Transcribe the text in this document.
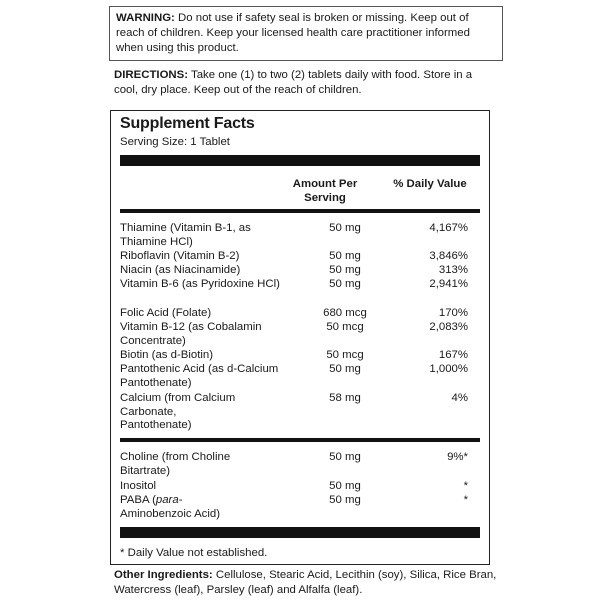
WARNING: Do not use if safety seal is broken or missing. Keep out of reach of children. Keep your licensed health care practitioner informed when using this product.
DIRECTIONS: Take one (1) to two (2) tablets daily with food. Store in a cool, dry place. Keep out of the reach of children.
Supplement Facts
Serving Size: 1 Tablet
Amount Per Serving
% Daily Value
Thiamine (Vitamin B-1, as Thiamine HCl)
50 mg	4,167%
Riboflavin (Vitamin B-2)	50 mg	3,846%
Niacin (as Niacinamide)	50 mg	313%
Vitamin B-6 (as Pyridoxine HCl)	50 mg	2,941%
Folic Acid (Folate)	680 mcg	170%
Vitamin B-12 (as Cobalamin Concentrate)
50 mcg	2,083%
Biotin (as d-Biotin)	50 mcg	167%
Pantothenic Acid (as d-Calcium Pantothenate)
50 mg	1,000%
Calcium (from Calcium Carbonate, Pantothenate)
58 mg	4%
Choline (from Choline Bitartrate)
50 mg	9%*
Inositol	50 mg	*
PABA (para-Aminobenzoic Acid)
50 mg	*
* Daily Value not established.
Other Ingredients: Cellulose, Stearic Acid, Lecithin (soy), Silica, Rice Bran, Watercress (leaf), Parsley (leaf) and Alfalfa (leaf).
